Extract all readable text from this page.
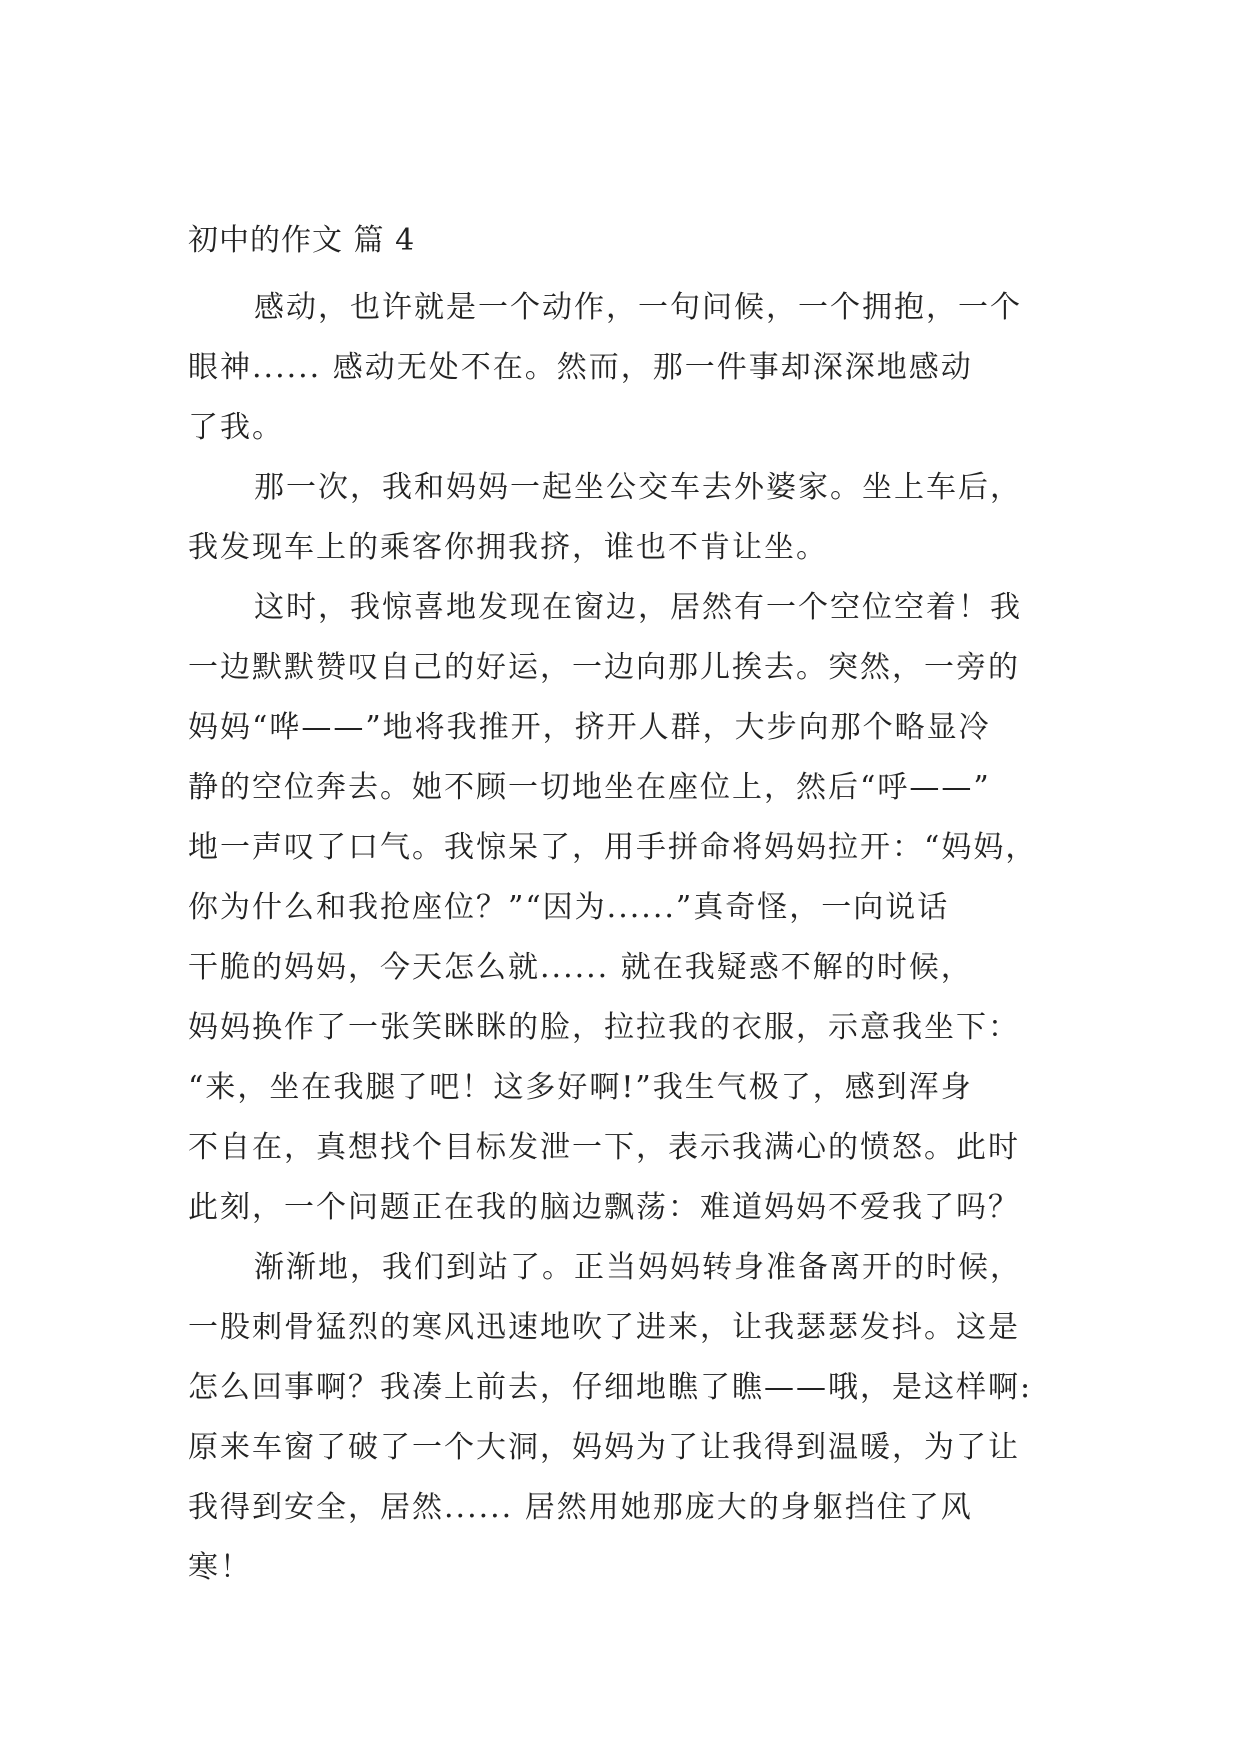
初中的作文 篇 4

感动，也许就是一个动作，一句问候，一个拥抱，一个
眼神...... 感动无处不在。然而，那一件事却深深地感动
了我。

那一次，我和妈妈一起坐公交车去外婆家。坐上车后，
我发现车上的乘客你拥我挤，谁也不肯让坐。

这时，我惊喜地发现在窗边，居然有一个空位空着！我
一边默默赞叹自己的好运，一边向那儿挨去。突然，一旁的
妈妈“哗——”地将我推开，挤开人群，大步向那个略显冷
静的空位奔去。她不顾一切地坐在座位上，然后“呼——”
地一声叹了口气。我惊呆了，用手拼命将妈妈拉开：“妈妈，
你为什么和我抢座位？”“因为......”真奇怪，一向说话
干脆的妈妈，今天怎么就...... 就在我疑惑不解的时候，
妈妈换作了一张笑眯眯的脸，拉拉我的衣服，示意我坐下：
“来，坐在我腿了吧！这多好啊!”我生气极了，感到浑身
不自在，真想找个目标发泄一下，表示我满心的愤怒。此时
此刻，一个问题正在我的脑边飘荡：难道妈妈不爱我了吗？

渐渐地，我们到站了。正当妈妈转身准备离开的时候，
一股刺骨猛烈的寒风迅速地吹了进来，让我瑟瑟发抖。这是
怎么回事啊？我凑上前去，仔细地瞧了瞧——哦，是这样啊:
原来车窗了破了一个大洞，妈妈为了让我得到温暖，为了让
我得到安全，居然...... 居然用她那庞大的身躯挡住了风
寒！
